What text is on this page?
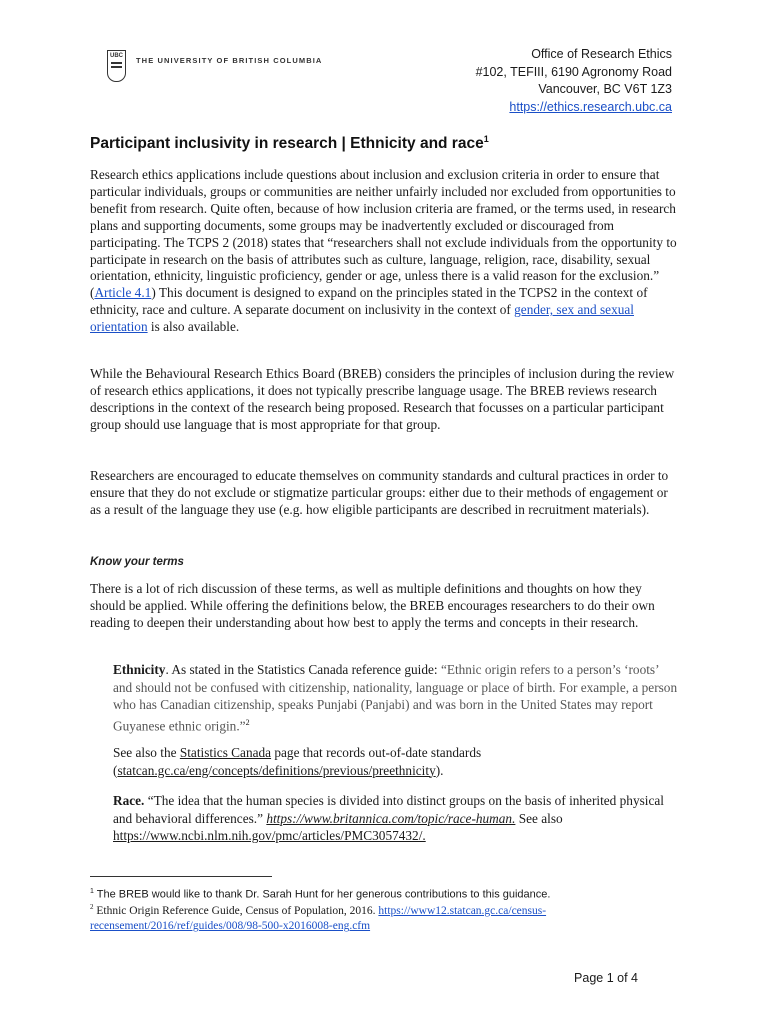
UBC THE UNIVERSITY OF BRITISH COLUMBIA	Office of Research Ethics
#102, TEFIII, 6190 Agronomy Road
Vancouver, BC V6T 1Z3
https://ethics.research.ubc.ca
Participant inclusivity in research | Ethnicity and race$^1$
Research ethics applications include questions about inclusion and exclusion criteria in order to ensure that particular individuals, groups or communities are neither unfairly included nor excluded from opportunities to benefit from research. Quite often, because of how inclusion criteria are framed, or the terms used, in research plans and supporting documents, some groups may be inadvertently excluded or discouraged from participating. The TCPS 2 (2018) states that “researchers shall not exclude individuals from the opportunity to participate in research on the basis of attributes such as culture, language, religion, race, disability, sexual orientation, ethnicity, linguistic proficiency, gender or age, unless there is a valid reason for the exclusion.” (Article 4.1) This document is designed to expand on the principles stated in the TCPS2 in the context of ethnicity, race and culture. A separate document on inclusivity in the context of gender, sex and sexual orientation is also available.
While the Behavioural Research Ethics Board (BREB) considers the principles of inclusion during the review of research ethics applications, it does not typically prescribe language usage. The BREB reviews research descriptions in the context of the research being proposed. Research that focusses on a particular participant group should use language that is most appropriate for that group.
Researchers are encouraged to educate themselves on community standards and cultural practices in order to ensure that they do not exclude or stigmatize particular groups: either due to their methods of engagement or as a result of the language they use (e.g. how eligible participants are described in recruitment materials).
Know your terms
There is a lot of rich discussion of these terms, as well as multiple definitions and thoughts on how they should be applied. While offering the definitions below, the BREB encourages researchers to do their own reading to deepen their understanding about how best to apply the terms and concepts in their research.
Ethnicity. As stated in the Statistics Canada reference guide: “Ethnic origin refers to a person’s ‘roots’ and should not be confused with citizenship, nationality, language or place of birth. For example, a person who has Canadian citizenship, speaks Punjabi (Panjabi) and was born in the United States may report Guyanese ethnic origin.”$^2$
See also the Statistics Canada page that records out-of-date standards (statcan.gc.ca/eng/concepts/definitions/previous/preethnicity).
Race. “The idea that the human species is divided into distinct groups on the basis of inherited physical and behavioral differences.” https://www.britannica.com/topic/race-human. See also https://www.ncbi.nlm.nih.gov/pmc/articles/PMC3057432/.
$^1$ The BREB would like to thank Dr. Sarah Hunt for her generous contributions to this guidance.
$^2$ Ethnic Origin Reference Guide, Census of Population, 2016. https://www12.statcan.gc.ca/census-recensement/2016/ref/guides/008/98-500-x2016008-eng.cfm
Page 1 of 4
